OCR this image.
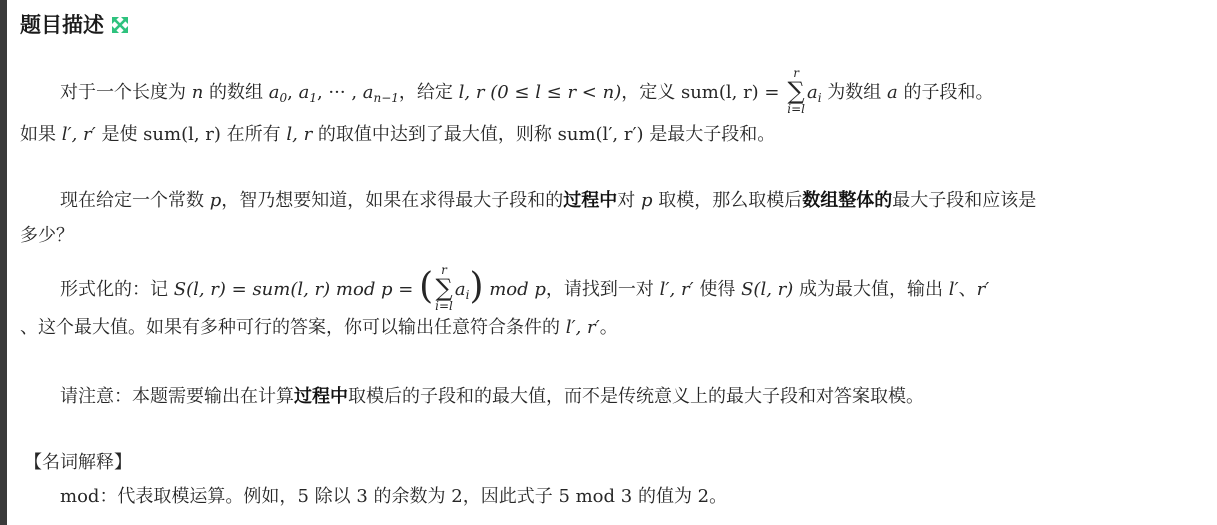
题目描述
对于一个长度为 n 的数组 $a_0$, $a_1$, ··· , $a_{n-1}$，给定 l, r (0 ≤ l ≤ r < n)，定义 sum(l, r) =
r
∑
i=l
$a_i$ 为数组 a 的子段和。
如果 l′, r′ 是使 sum(l, r) 在所有 l, r 的取值中达到了最大值，则称 sum(l′, r′) 是最大子段和。
现在给定一个常数 p，智乃想要知道，如果在求得最大子段和的过程中对 p 取模，那么取模后数组整体的最大子段和应该是
多少？
形式化的：记 S(l, r) = sum(l, r) mod p = ( r
∑
i=l
$a_i$) mod p，请找到一对 l′, r′ 使得 S(l, r) 成为最大值，输出 l′、r′
、这个最大值。如果有多种可行的答案，你可以输出任意符合条件的 l′, r′。
请注意：本题需要输出在计算过程中取模后的子段和的最大值，而不是传统意义上的最大子段和对答案取模。
【名词解释】
mod：代表取模运算。例如，5 除以 3 的余数为 2，因此式子 5 mod 3 的值为 2。
